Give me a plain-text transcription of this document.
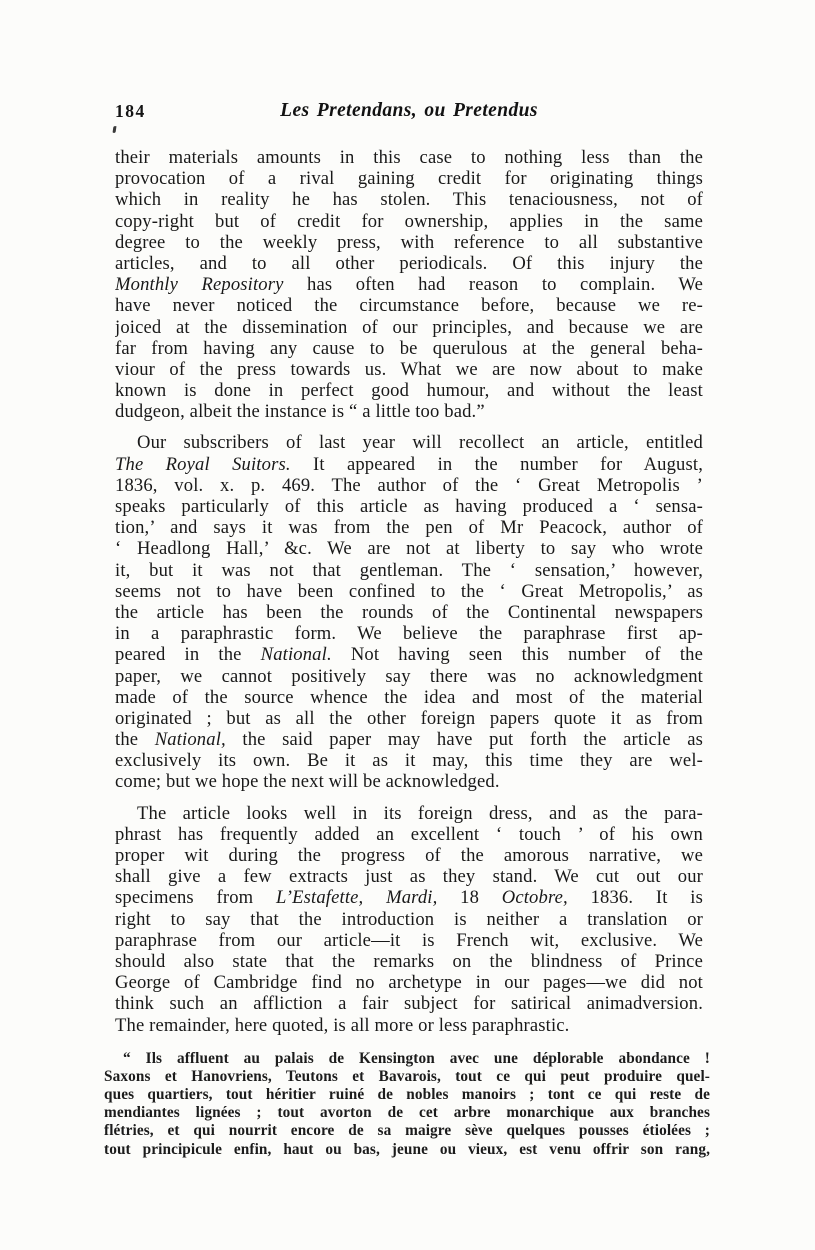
184	Les Pretendans, ou Pretendus
their materials amounts in this case to nothing less than the
provocation of a rival gaining credit for originating things
which in reality he has stolen. This tenaciousness, not of
copy-right but of credit for ownership, applies in the same
degree to the weekly press, with reference to all substantive
articles, and to all other periodicals. Of this injury the
Monthly Repository has often had reason to complain. We
have never noticed the circumstance before, because we re-
joiced at the dissemination of our principles, and because we are
far from having any cause to be querulous at the general beha-
viour of the press towards us. What we are now about to make
known is done in perfect good humour, and without the least
dudgeon, albeit the instance is “ a little too bad.”
Our subscribers of last year will recollect an article, entitled
The Royal Suitors. It appeared in the number for August,
1836, vol. x. p. 469. The author of the ‘ Great Metropolis ’
speaks particularly of this article as having produced a ‘ sensa-
tion,’ and says it was from the pen of Mr Peacock, author of
‘ Headlong Hall,’ &c. We are not at liberty to say who wrote
it, but it was not that gentleman. The ‘ sensation,’ however,
seems not to have been confined to the ‘ Great Metropolis,’ as
the article has been the rounds of the Continental newspapers
in a paraphrastic form. We believe the paraphrase first ap-
peared in the National. Not having seen this number of the
paper, we cannot positively say there was no acknowledgment
made of the source whence the idea and most of the material
originated ; but as all the other foreign papers quote it as from
the National, the said paper may have put forth the article as
exclusively its own. Be it as it may, this time they are wel-
come; but we hope the next will be acknowledged.
The article looks well in its foreign dress, and as the para-
phrast has frequently added an excellent ‘ touch ’ of his own
proper wit during the progress of the amorous narrative, we
shall give a few extracts just as they stand. We cut out our
specimens from L’Estafette, Mardi, 18 Octobre, 1836. It is
right to say that the introduction is neither a translation or
paraphrase from our article—it is French wit, exclusive. We
should also state that the remarks on the blindness of Prince
George of Cambridge find no archetype in our pages—we did not
think such an affliction a fair subject for satirical animadversion.
The remainder, here quoted, is all more or less paraphrastic.
“ Ils affluent au palais de Kensington avec une déplorable abondance !
Saxons et Hanovriens, Teutons et Bavarois, tout ce qui peut produire quel-
ques quartiers, tout héritier ruiné de nobles manoirs ; tont ce qui reste de
mendiantes lignées ; tout avorton de cet arbre monarchique aux branches
flétries, et qui nourrit encore de sa maigre sève quelques pousses étiolées ;
tout principicule enfin, haut ou bas, jeune ou vieux, est venu offrir son rang,
